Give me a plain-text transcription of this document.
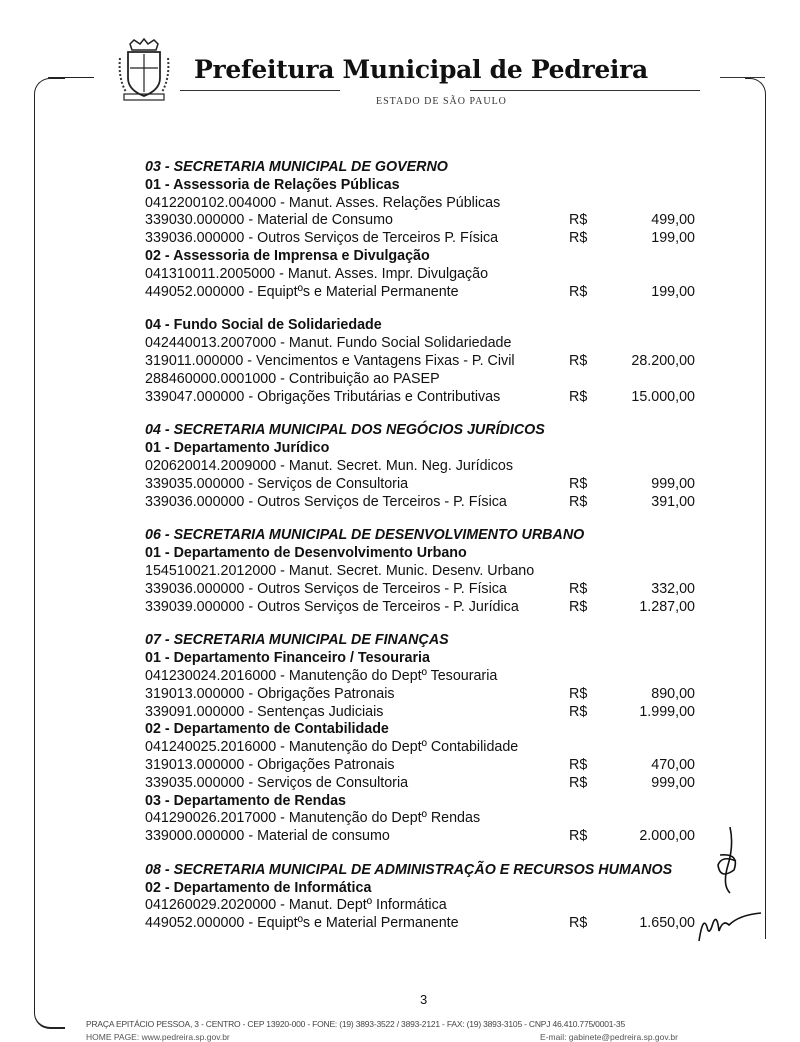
Prefeitura Municipal de Pedreira
ESTADO DE SÃO PAULO
03 - SECRETARIA MUNICIPAL DE GOVERNO
01 - Assessoria de Relações Públicas
0412200102.004000 - Manut. Asses. Relações Públicas
339030.000000 - Material de Consumo	R$	499,00
339036.000000 - Outros Serviços de Terceiros P. Física	R$	199,00
02 - Assessoria de Imprensa e Divulgação
041310011.2005000 - Manut. Asses. Impr. Divulgação
449052.000000 - Equiptºs e Material Permanente	R$	199,00
04 - Fundo Social de Solidariedade
042440013.2007000 - Manut. Fundo Social Solidariedade
319011.000000 - Vencimentos e Vantagens Fixas - P. Civil	R$	28.200,00
288460000.0001000 - Contribuição ao PASEP
339047.000000 - Obrigações Tributárias e Contributivas	R$	15.000,00
04 - SECRETARIA MUNICIPAL DOS NEGÓCIOS JURÍDICOS
01 - Departamento Jurídico
020620014.2009000 - Manut. Secret. Mun. Neg. Jurídicos
339035.000000 - Serviços de Consultoria	R$	999,00
339036.000000 - Outros Serviços de Terceiros - P. Física	R$	391,00
06 - SECRETARIA MUNICIPAL DE DESENVOLVIMENTO URBANO
01 - Departamento de Desenvolvimento Urbano
154510021.2012000 - Manut. Secret. Munic. Desenv. Urbano
339036.000000 - Outros Serviços de Terceiros - P. Física	R$	332,00
339039.000000 - Outros Serviços de Terceiros - P. Jurídica	R$	1.287,00
07 - SECRETARIA MUNICIPAL DE FINANÇAS
01 - Departamento Financeiro / Tesouraria
041230024.2016000 - Manutenção do Deptº Tesouraria
319013.000000 - Obrigações Patronais	R$	890,00
339091.000000 - Sentenças Judiciais	R$	1.999,00
02 - Departamento de Contabilidade
041240025.2016000 - Manutenção do Deptº Contabilidade
319013.000000 - Obrigações Patronais	R$	470,00
339035.000000 - Serviços de Consultoria	R$	999,00
03 - Departamento de Rendas
041290026.2017000 - Manutenção do Deptº Rendas
339000.000000 - Material de consumo	R$	2.000,00
08 - SECRETARIA MUNICIPAL DE ADMINISTRAÇÃO E RECURSOS HUMANOS
02 - Departamento de Informática
041260029.2020000 - Manut. Deptº Informática
449052.000000 - Equiptºs e Material Permanente	R$	1.650,00
3
PRAÇA EPITÁCIO PESSOA, 3 - CENTRO - CEP 13920-000 - FONE: (19) 3893-3522 / 3893-2121 - FAX: (19) 3893-3105 - CNPJ 46.410.775/0001-35
HOME PAGE: www.pedreira.sp.gov.br	E-mail: gabinete@pedreira.sp.gov.br
